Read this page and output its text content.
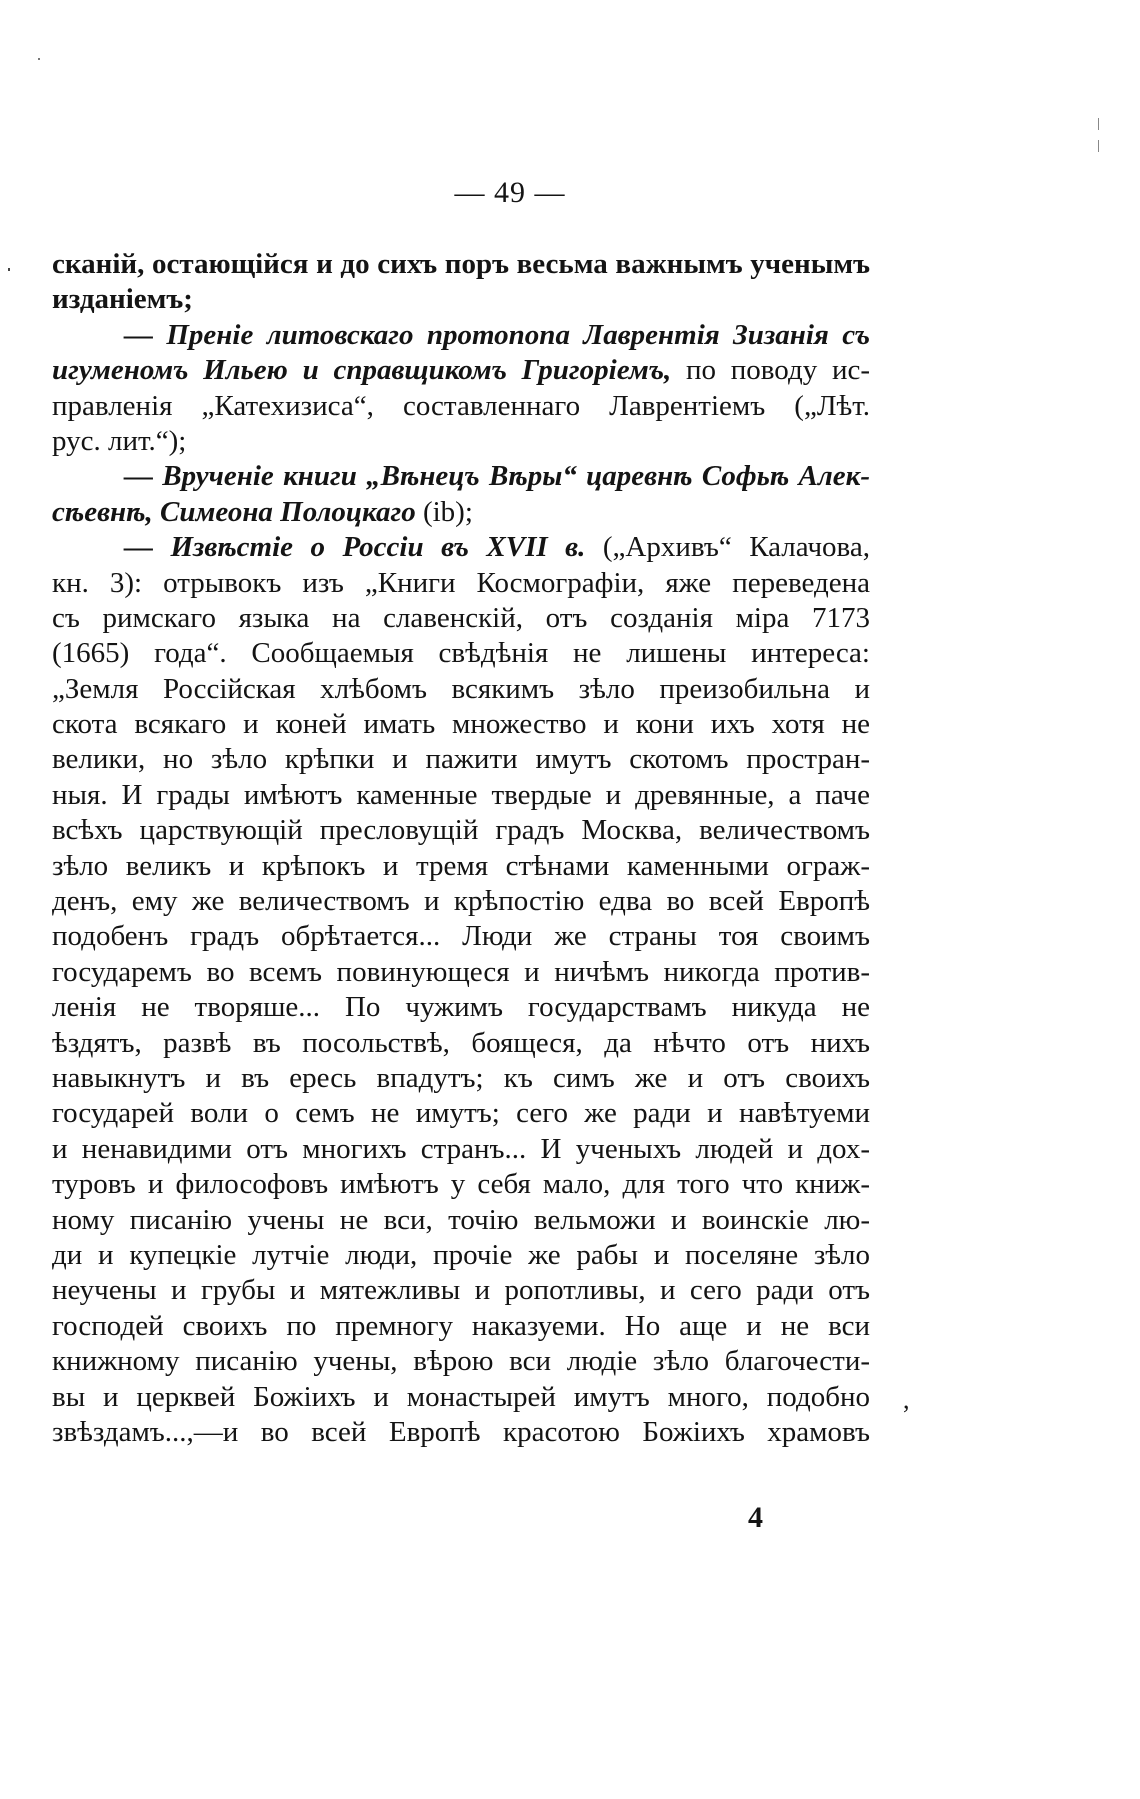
— 49 —
сканій, остающійся и до сихъ поръ весьма важнымъ ученымъ
изданіемъ;
— Преніе литовскаго протопопа Лаврентія Зизанія съ
игуменомъ Ильею и справщикомъ Григоріемъ, по поводу ис-
правленія „Катехизиса“, составленнаго Лаврентіемъ („Лѣт.
рус. лит.“);
— Врученіе книги „Вѣнецъ Вѣры“ царевнѣ Софьѣ Алек-
сѣевнѣ, Симеона Полоцкаго (ib);
— Извѣстіе о Россіи въ XVII в. („Архивъ“ Калачова,
кн. 3): отрывокъ изъ „Книги Космографіи, яже переведена
съ римскаго языка на славенскій, отъ созданія міра 7173
(1665) года“. Сообщаемыя свѣдѣнія не лишены интереса:
„Земля Россійская хлѣбомъ всякимъ зѣло преизобильна и
скота всякаго и коней имать множество и кони ихъ хотя не
велики, но зѣло крѣпки и пажити имутъ скотомъ простран-
ныя. И грады имѣютъ каменные твердые и древянные, а паче
всѣхъ царствующій пресловущій градъ Москва, величествомъ
зѣло великъ и крѣпокъ и тремя стѣнами каменными ограж-
денъ, ему же величествомъ и крѣпостію едва во всей Европѣ
подобенъ градъ обрѣтается... Люди же страны тоя своимъ
государемъ во всемъ повинующеся и ничѣмъ никогда против-
ленія не творяше... По чужимъ государствамъ никуда не
ѣздятъ, развѣ въ посольствѣ, боящеся, да нѣчто отъ нихъ
навыкнутъ и въ ересь впадутъ; къ симъ же и отъ своихъ
государей воли о семъ не имутъ; сего же ради и навѣтуеми
и ненавидими отъ многихъ странъ... И ученыхъ людей и дох-
туровъ и философовъ имѣютъ у себя мало, для того что книж-
ному писанію учены не вси, точію вельможи и воинскіе лю-
ди и купецкіе лутчіе люди, прочіе же рабы и поселяне зѣло
неучены и грубы и мятежливы и ропотливы, и сего ради отъ
господей своихъ по премногу наказуеми. Но аще и не вси
книжному писанію учены, вѣрою вси людіе зѣло благочести-
вы и церквей Божіихъ и монастырей имутъ много, подобно
звѣздамъ...,—и во всей Европѣ красотою Божіихъ храмовъ
4
,
